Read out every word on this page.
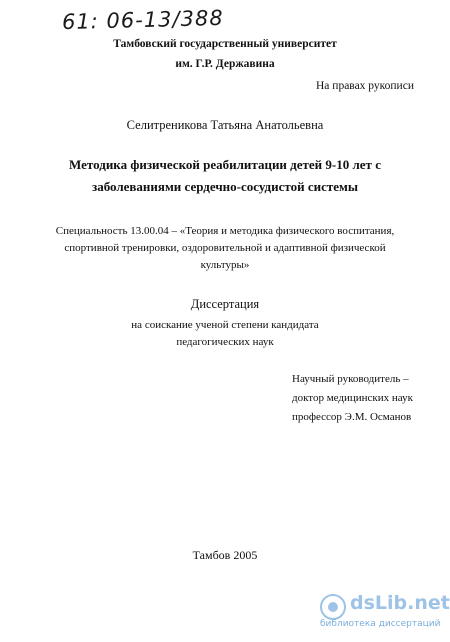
61: 06-13/388
Тамбовский государственный университет
им. Г.Р. Державина
На правах рукописи
Селитреникова Татьяна Анатольевна
Методика физической реабилитации детей 9-10 лет с
заболеваниями сердечно-сосудистой системы
Специальность 13.00.04 – «Теория и методика физического воспитания,
спортивной тренировки, оздоровительной и адаптивной физической
культуры»
Диссертация
на соискание ученой степени кандидата
педагогических наук
Научный руководитель –
доктор медицинских наук
профессор Э.М. Османов
Тамбов 2005
dsLib.net
библиотека диссертаций
